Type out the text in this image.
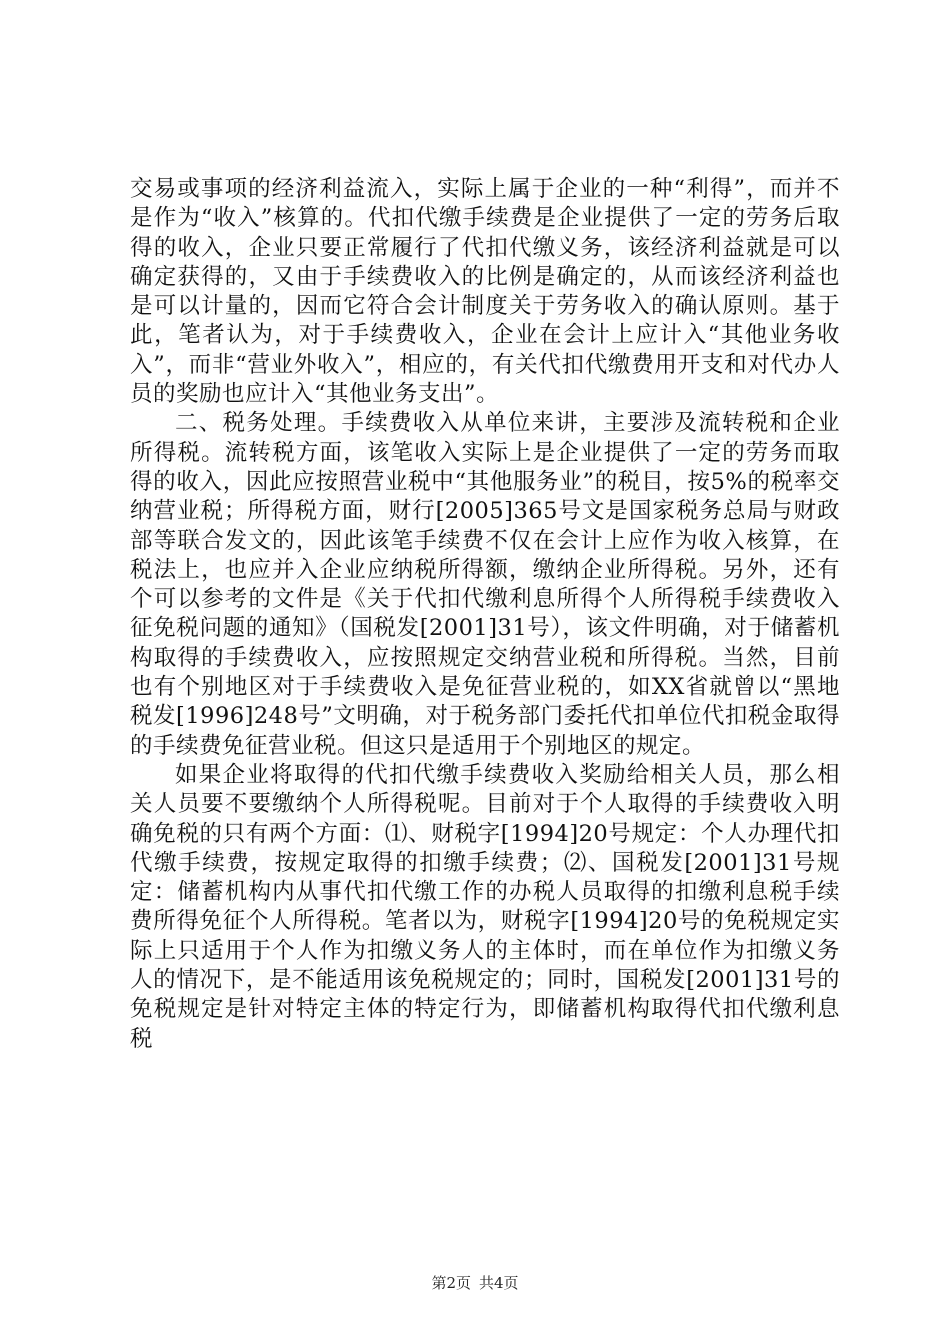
交易或事项的经济利益流入，实际上属于企业的一种“利得”，而并不是作为“收入”核算的。代扣代缴手续费是企业提供了一定的劳务后取得的收入，企业只要正常履行了代扣代缴义务，该经济利益就是可以确定获得的，又由于手续费收入的比例是确定的，从而该经济利益也是可以计量的，因而它符合会计制度关于劳务收入的确认原则。基于此，笔者认为，对于手续费收入，企业在会计上应计入“其他业务收入”，而非“营业外收入”，相应的，有关代扣代缴费用开支和对代办人员的奖励也应计入“其他业务支出”。

二、税务处理。手续费收入从单位来讲，主要涉及流转税和企业所得税。流转税方面，该笔收入实际上是企业提供了一定的劳务而取得的收入，因此应按照营业税中“其他服务业”的税目，按5%的税率交纳营业税；所得税方面，财行[2005]365号文是国家税务总局与财政部等联合发文的，因此该笔手续费不仅在会计上应作为收入核算，在税法上，也应并入企业应纳税所得额，缴纳企业所得税。另外，还有个可以参考的文件是《关于代扣代缴利息所得个人所得税手续费收入征免税问题的通知》（国税发[2001]31号），该文件明确，对于储蓄机构取得的手续费收入，应按照规定交纳营业税和所得税。当然，目前也有个别地区对于手续费收入是免征营业税的，如XX省就曾以“黑地税发[1996]248号”文明确，对于税务部门委托代扣单位代扣税金取得的手续费免征营业税。但这只是适用于个别地区的规定。

如果企业将取得的代扣代缴手续费收入奖励给相关人员，那么相关人员要不要缴纳个人所得税呢。目前对于个人取得的手续费收入明确免税的只有两个方面：⑴、财税字[1994]20号规定：个人办理代扣代缴手续费，按规定取得的扣缴手续费；⑵、国税发[2001]31号规定：储蓄机构内从事代扣代缴工作的办税人员取得的扣缴利息税手续费所得免征个人所得税。笔者以为，财税字[1994]20号的免税规定实际上只适用于个人作为扣缴义务人的主体时，而在单位作为扣缴义务人的情况下，是不能适用该免税规定的；同时，国税发[2001]31号的免税规定是针对特定主体的特定行为，即储蓄机构取得代扣代缴利息税

第2页 共4页
